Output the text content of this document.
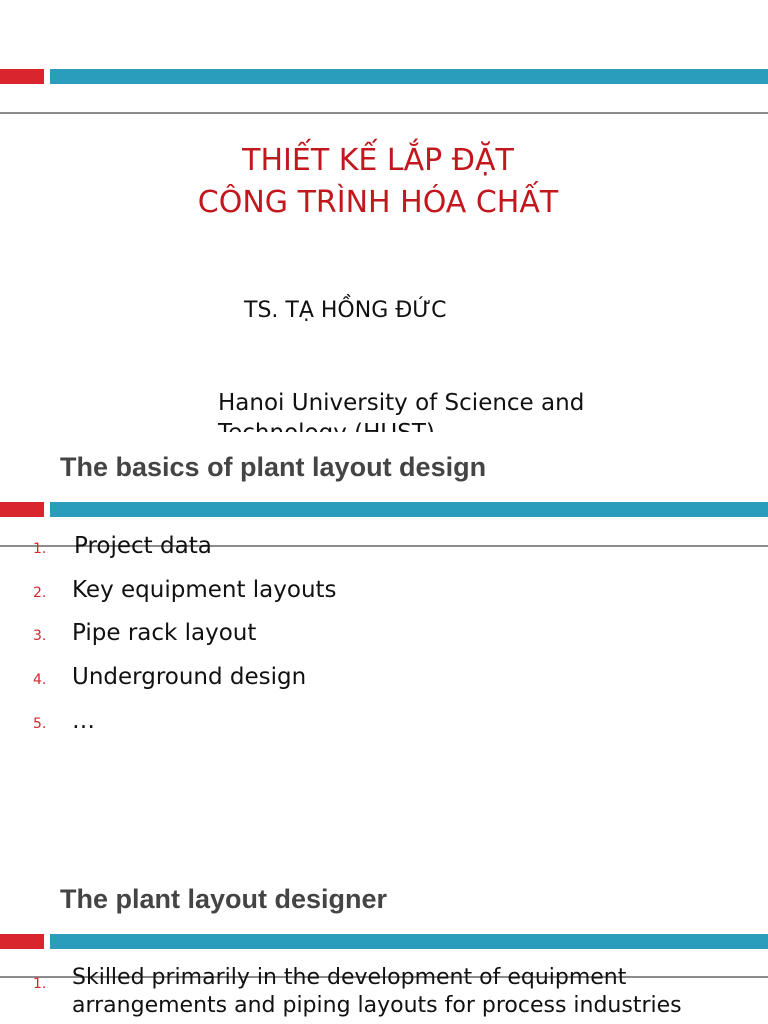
THIẾT KẾ LẮP ĐẶT
CÔNG TRÌNH HÓA CHẤT
TS. TẠ HỒNG ĐỨC
Hanoi University of Science and
The basics of plant layout design
1. Project data
2. Key equipment layouts
3. Pipe rack layout
4. Underground design
5. …
The plant layout designer
1. Skilled primarily in the development of equipment arrangements and piping layouts for process industries
